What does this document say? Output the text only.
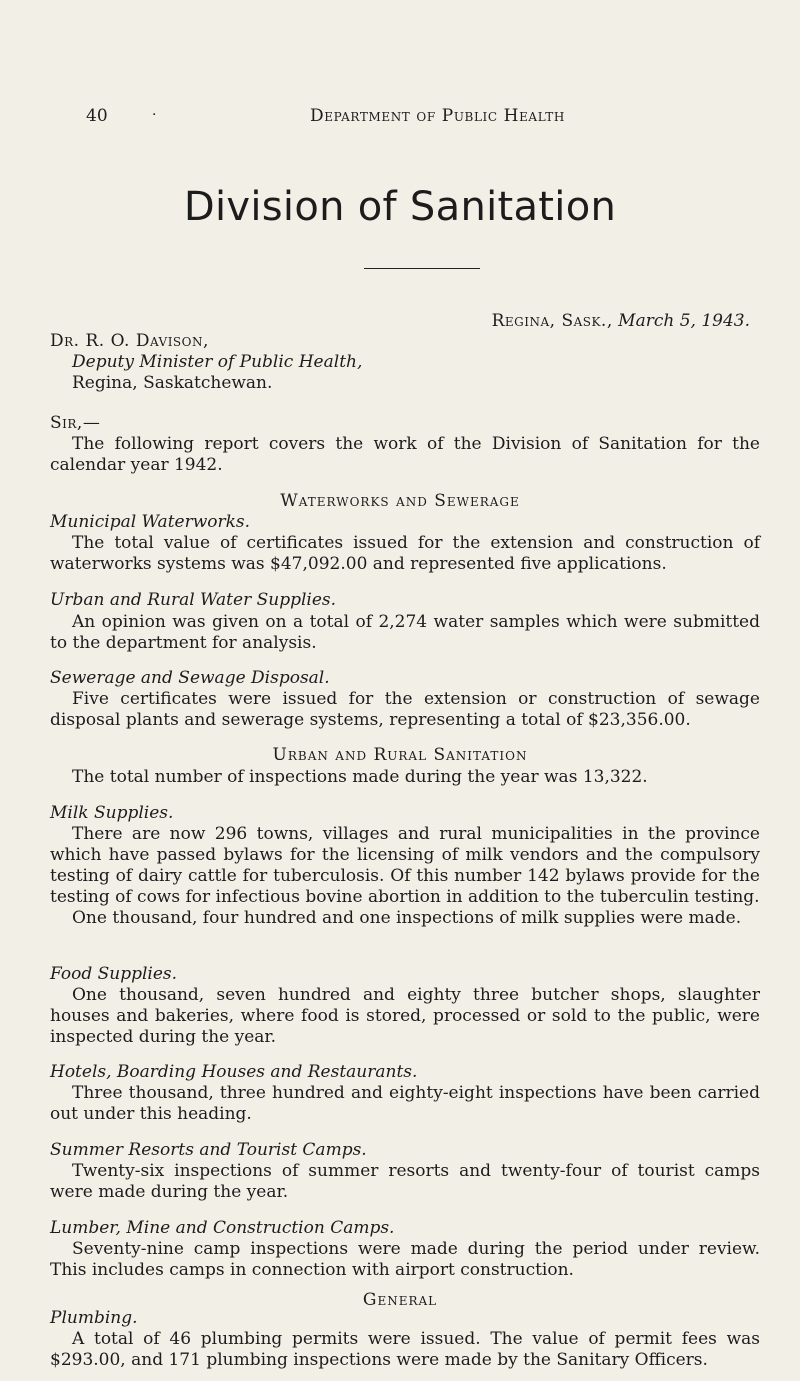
40	·	Department of Public Health
Division of Sanitation
Regina, Sask., March 5, 1943.
Dr. R. O. Davison,
Deputy Minister of Public Health,
Regina, Saskatchewan.
Sir,—

The following report covers the work of the Division of Sanitation for the calendar year 1942.

Waterworks and Sewerage
Municipal Waterworks.

The total value of certificates issued for the extension and construction of waterworks systems was $47,092.00 and represented five applications.

Urban and Rural Water Supplies.

An opinion was given on a total of 2,274 water samples which were submitted to the department for analysis.

Sewerage and Sewage Disposal.

Five certificates were issued for the extension or construction of sewage disposal plants and sewerage systems, representing a total of $23,356.00.

Urban and Rural Sanitation

The total number of inspections made during the year was 13,322.

Milk Supplies.

There are now 296 towns, villages and rural municipalities in the province which have passed bylaws for the licensing of milk vendors and the compulsory testing of dairy cattle for tuberculosis. Of this number 142 bylaws provide for the testing of cows for infectious bovine abortion in addition to the tuberculin testing.

One thousand, four hundred and one inspections of milk supplies were made.

Food Supplies.

One thousand, seven hundred and eighty three butcher shops, slaughter houses and bakeries, where food is stored, processed or sold to the public, were inspected during the year.

Hotels, Boarding Houses and Restaurants.

Three thousand, three hundred and eighty-eight inspections have been carried out under this heading.

Summer Resorts and Tourist Camps.

Twenty-six inspections of summer resorts and twenty-four of tourist camps were made during the year.

Lumber, Mine and Construction Camps.

Seventy-nine camp inspections were made during the period under review. This includes camps in connection with airport construction.

General
Plumbing.

A total of 46 plumbing permits were issued. The value of permit fees was $293.00, and 171 plumbing inspections were made by the Sanitary Officers.
